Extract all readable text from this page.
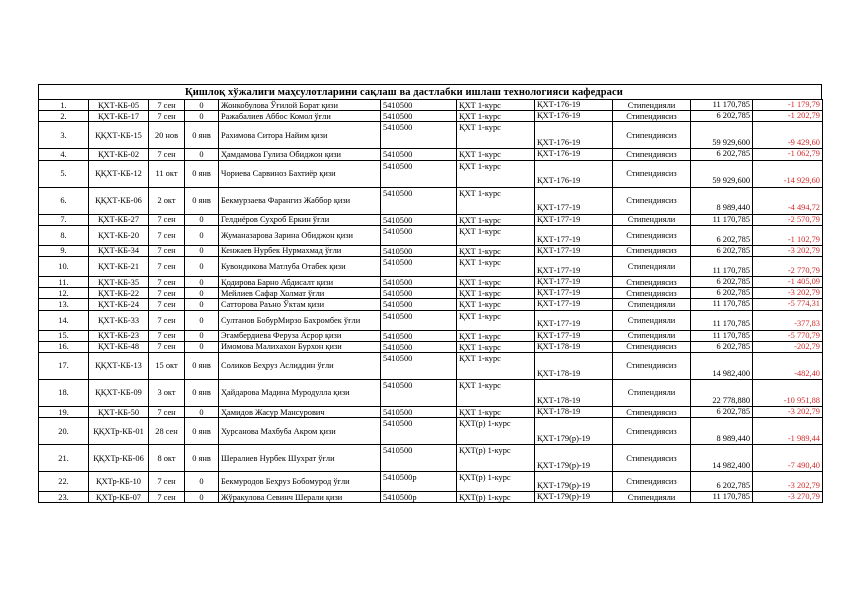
Қишлоқ хўжалиги маҳсулотларини сақлаш ва дастлабки ишлаш технологияси кафедраси
1.	ҚХТ-КБ-05	7 сен	0	Жонкобулова Ўғилой Борат қизи	5410500	ҚХТ 1-курс	ҚХТ-176-19	Стипендияли	11 170,785	-1 179,79
2.	ҚХТ-КБ-17	7 сен	0	Ражабалиев Аббос Комол ўғли	5410500	ҚХТ 1-курс	ҚХТ-176-19	Стипендиясиз	6 202,785	-1 202,79
3.	ҚҚХТ-КБ-15	20 нов	0 янв	Рахимова Ситора Найим қизи	5410500	ҚХТ 1-курс	ҚХТ-176-19	Стипендиясиз	59 929,600	-9 429,60
4.	ҚХТ-КБ-02	7 сен	0	Ҳамдамова Гулиза Обиджон қизи	5410500	ҚХТ 1-курс	ҚХТ-176-19	Стипендиясиз	6 202,785	-1 062,79
5.	ҚҚХТ-КБ-12	11 окт	0 янв	Чориева Сарвиноз Бахтиёр қизи	5410500	ҚХТ 1-курс	ҚХТ-176-19	Стипендиясиз	59 929,600	-14 929,60
6.	ҚҚХТ-КБ-06	2 окт	0 янв	Бекмурзаева Фарангиз Жаббор қизи	5410500	ҚХТ 1-курс	ҚХТ-177-19	Стипендиясиз	8 989,440	-4 494,72
7.	ҚХТ-КБ-27	7 сен	0	Гелдиёров Суҳроб Еркин ўғли	5410500	ҚХТ 1-курс	ҚХТ-177-19	Стипендияли	11 170,785	-2 570,79
8.	ҚХТ-КБ-20	7 сен	0	Жуманазарова Зарина Обиджон қизи	5410500	ҚХТ 1-курс	ҚХТ-177-19	Стипендиясиз	6 202,785	-1 102,79
9.	ҚХТ-КБ-34	7 сен	0	Кенжаев Нурбек Нурмахмад ўғли	5410500	ҚХТ 1-курс	ҚХТ-177-19	Стипендиясиз	6 202,785	-3 202,79
10.	ҚХТ-КБ-21	7 сен	0	Кувондикова Матлуба Отабек қизи	5410500	ҚХТ 1-курс	ҚХТ-177-19	Стипендияли	11 170,785	-2 770,79
11.	ҚХТ-КБ-35	7 сен	0	Қодирова Барно Абдисалт қизи	5410500	ҚХТ 1-курс	ҚХТ-177-19	Стипендиясиз	6 202,785	-1 405,09
12.	ҚХТ-КБ-22	7 сен	0	Мейлиев Сафар Холмат ўғли	5410500	ҚХТ 1-курс	ҚХТ-177-19	Стипендиясиз	6 202,785	-3 202,79
13.	ҚХТ-КБ-24	7 сен	0	Сатторова Раъно Ўктам қизи	5410500	ҚХТ 1-курс	ҚХТ-177-19	Стипендияли	11 170,785	-5 774,31
14.	ҚХТ-КБ-33	7 сен	0	Султанов БобурМирзо Бахромбек ўғли	5410500	ҚХТ 1-курс	ҚХТ-177-19	Стипендияли	11 170,785	-377,83
15.	ҚХТ-КБ-23	7 сен	0	Эгамбердиева Феруза Асрор қизи	5410500	ҚХТ 1-курс	ҚХТ-177-19	Стипендияли	11 170,785	-5 770,79
16.	ҚХТ-КБ-48	7 сен	0	Имомова Малихахон Бурхон қизи	5410500	ҚХТ 1-курс	ҚХТ-178-19	Стипендиясиз	6 202,785	-202,79
17.	ҚҚХТ-КБ-13	15 окт	0 янв	Соликов Беҳруз Аслиддин ўғли	5410500	ҚХТ 1-курс	ҚХТ-178-19	Стипендиясиз	14 982,400	-482,40
18.	ҚҚХТ-КБ-09	3 окт	0 янв	Ҳайдарова Мадина Муродулла қизи	5410500	ҚХТ 1-курс	ҚХТ-178-19	Стипендияли	22 778,880	-10 951,88
19.	ҚХТ-КБ-50	7 сен	0	Ҳамидов Жасур Мансурович	5410500	ҚХТ 1-курс	ҚХТ-178-19	Стипендиясиз	6 202,785	-3 202,79
20.	ҚҚХТр-КБ-01	28 сен	0 янв	Хурсанова Махбуба Акром қизи	5410500	ҚХТ(р) 1-курс	ҚХТ-179(р)-19	Стипендиясиз	8 989,440	-1 989,44
21.	ҚҚХТр-КБ-06	8 окт	0 янв	Шералиев Нурбек Шухрат ўғли	5410500	ҚХТ(р) 1-курс	ҚХТ-179(р)-19	Стипендиясиз	14 982,400	-7 490,40
22.	ҚХТр-КБ-10	7 сен	0	Бекмуродов Беҳруз Бобомурод ўғли	5410500р	ҚХТ(р) 1-курс	ҚХТ-179(р)-19	Стипендиясиз	6 202,785	-3 202,79
23.	ҚХТр-КБ-07	7 сен	0	Жўракулова Севинч Шерали қизи	5410500р	ҚХТ(р) 1-курс	ҚХТ-179(р)-19	Стипендияли	11 170,785	-3 270,79
